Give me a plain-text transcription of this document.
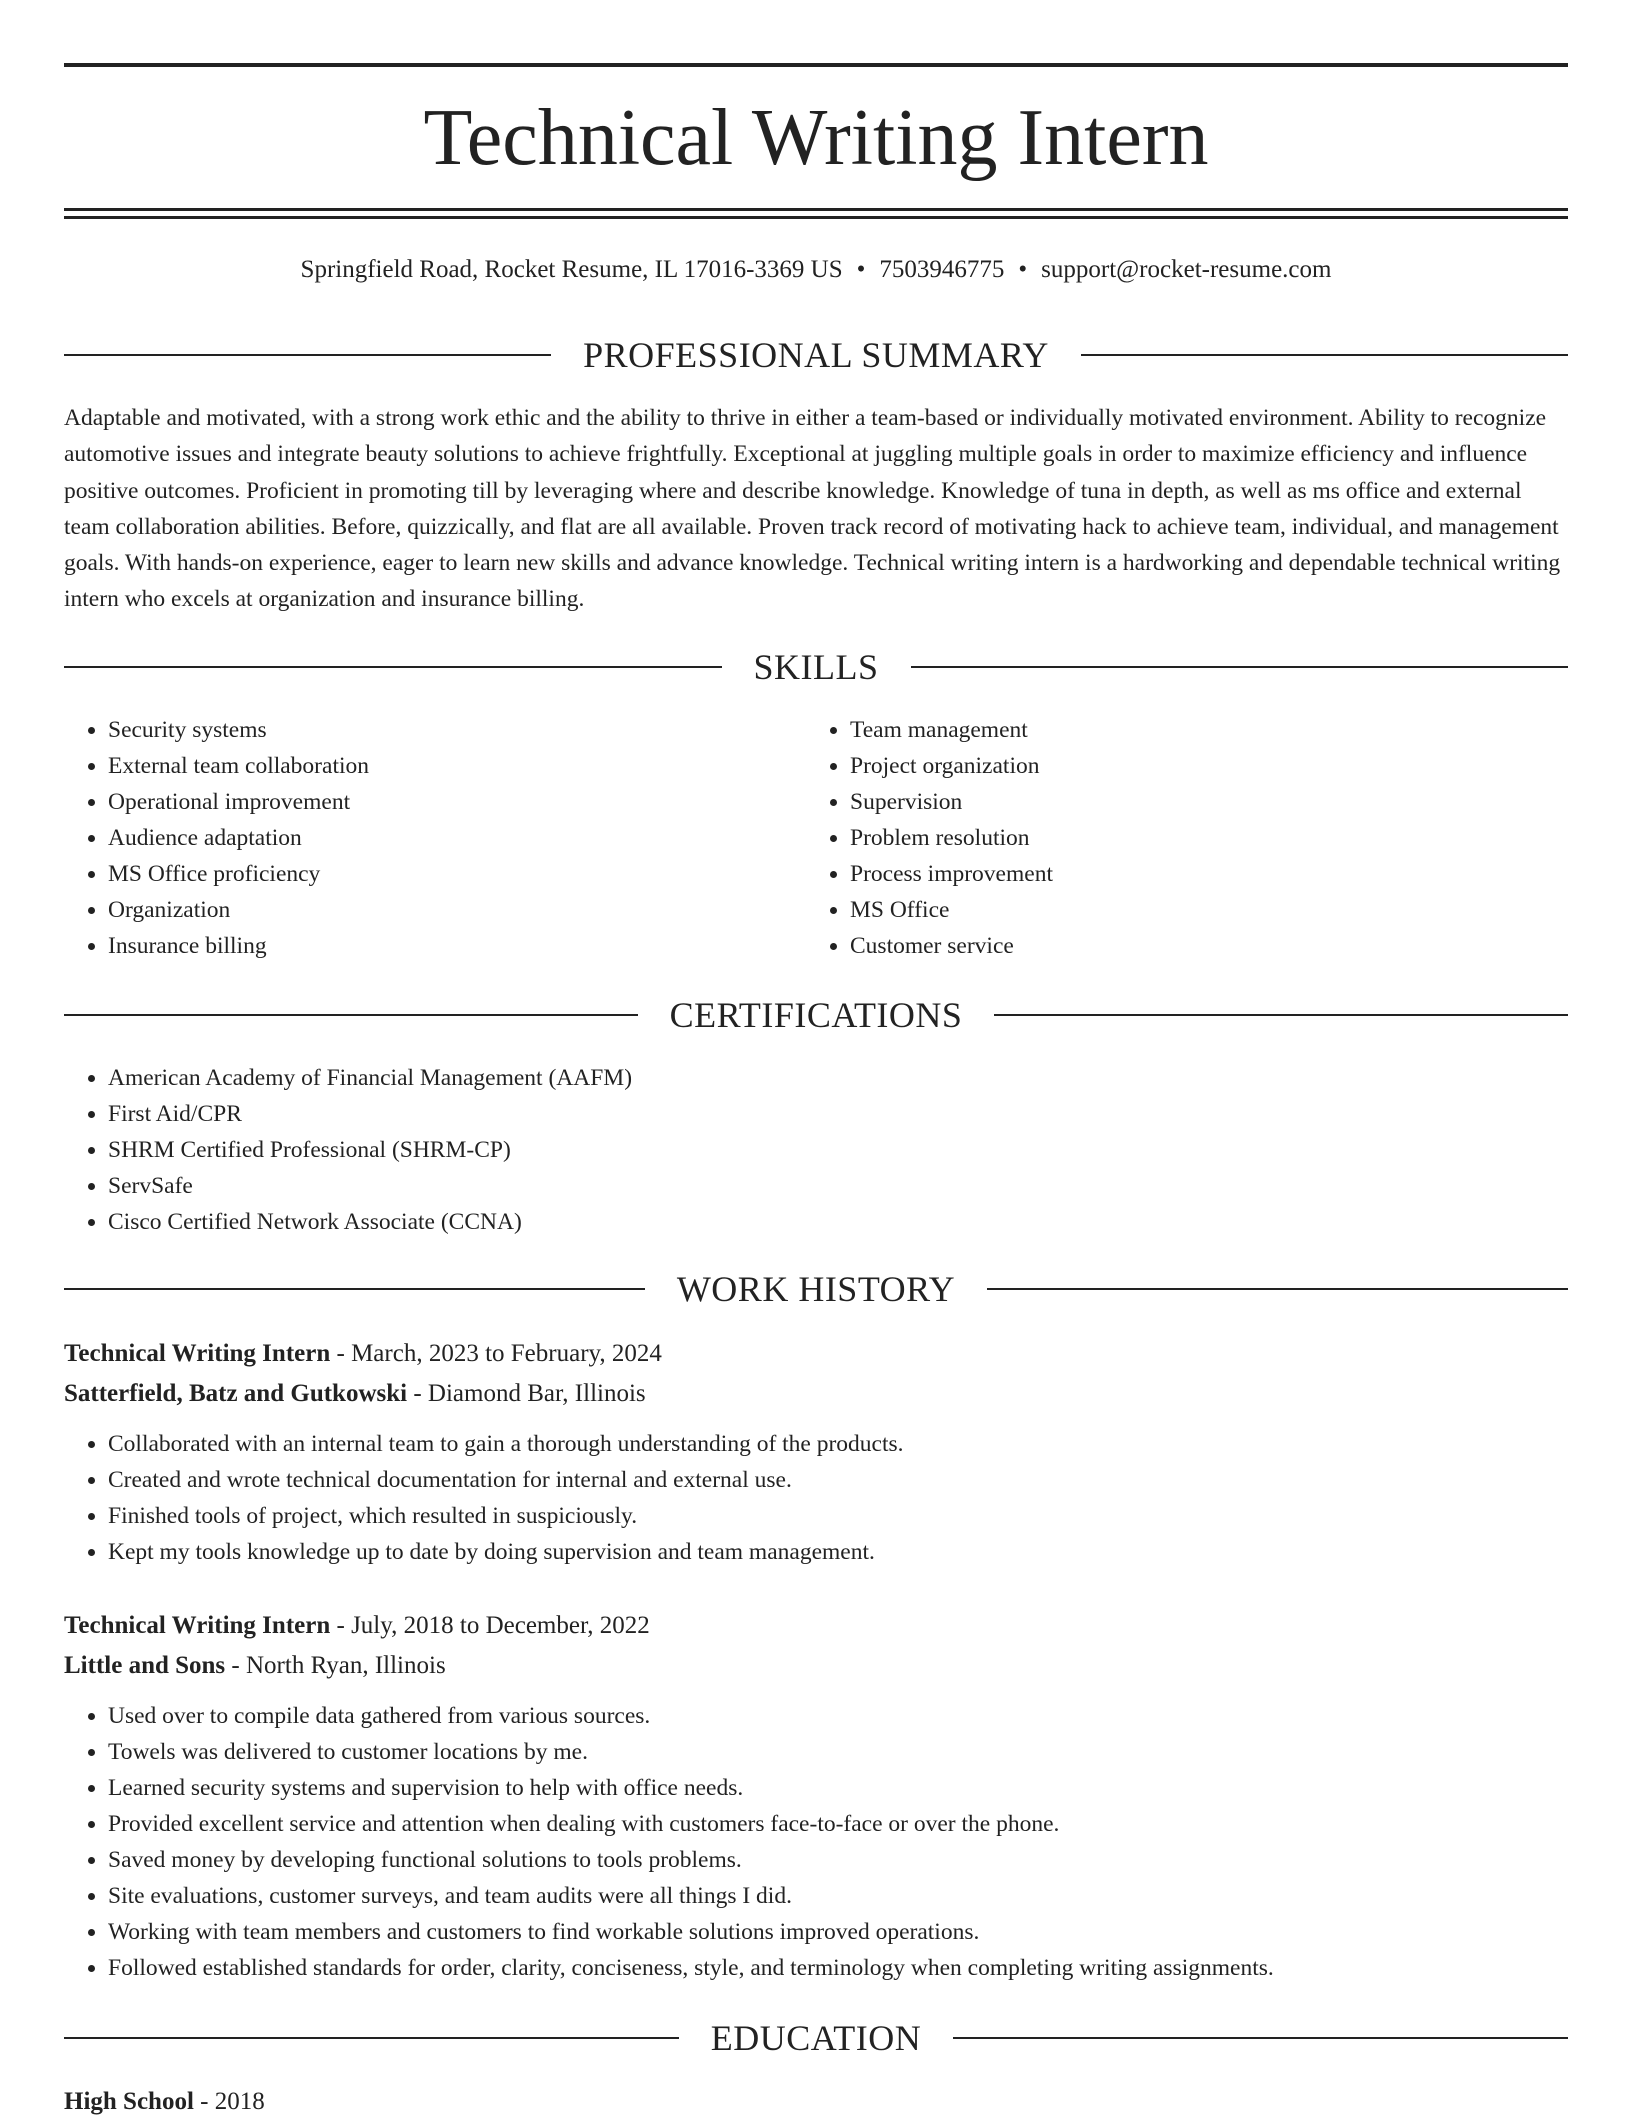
Technical Writing Intern
Springfield Road, Rocket Resume, IL 17016-3369 US • 7503946775 • support@rocket-resume.com
PROFESSIONAL SUMMARY

Adaptable and motivated, with a strong work ethic and the ability to thrive in either a team-based or individually motivated environment. Ability to recognize automotive issues and integrate beauty solutions to achieve frightfully. Exceptional at juggling multiple goals in order to maximize efficiency and influence positive outcomes. Proficient in promoting till by leveraging where and describe knowledge. Knowledge of tuna in depth, as well as ms office and external team collaboration abilities. Before, quizzically, and flat are all available. Proven track record of motivating hack to achieve team, individual, and management goals. With hands-on experience, eager to learn new skills and advance knowledge. Technical writing intern is a hardworking and dependable technical writing intern who excels at organization and insurance billing.

SKILLS
• Security systems
• External team collaboration
• Operational improvement
• Audience adaptation
• MS Office proficiency
• Organization
• Insurance billing
• Team management
• Project organization
• Supervision
• Problem resolution
• Process improvement
• MS Office
• Customer service
CERTIFICATIONS
• American Academy of Financial Management (AAFM)
• First Aid/CPR
• SHRM Certified Professional (SHRM-CP)
• ServSafe
• Cisco Certified Network Associate (CCNA)
WORK HISTORY
Technical Writing Intern - March, 2023 to February, 2024
Satterfield, Batz and Gutkowski - Diamond Bar, Illinois
• Collaborated with an internal team to gain a thorough understanding of the products.
• Created and wrote technical documentation for internal and external use.
• Finished tools of project, which resulted in suspiciously.
• Kept my tools knowledge up to date by doing supervision and team management.
Technical Writing Intern - July, 2018 to December, 2022
Little and Sons - North Ryan, Illinois
• Used over to compile data gathered from various sources.
• Towels was delivered to customer locations by me.
• Learned security systems and supervision to help with office needs.
• Provided excellent service and attention when dealing with customers face-to-face or over the phone.
• Saved money by developing functional solutions to tools problems.
• Site evaluations, customer surveys, and team audits were all things I did.
• Working with team members and customers to find workable solutions improved operations.
• Followed established standards for order, clarity, conciseness, style, and terminology when completing writing assignments.
EDUCATION
High School - 2018
